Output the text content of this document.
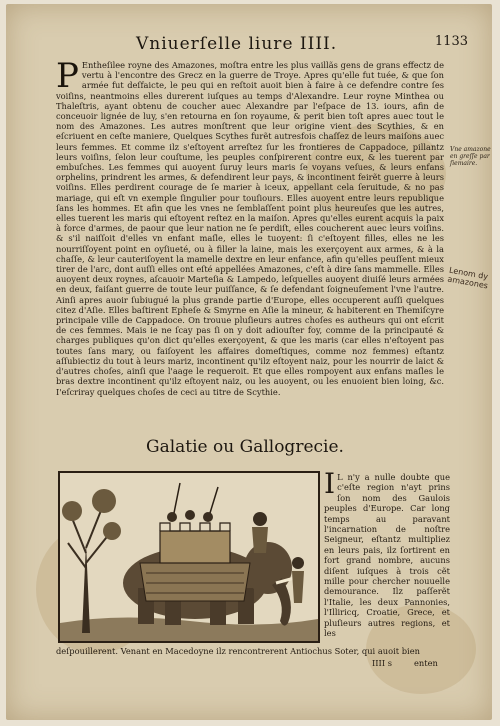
Vniuerſelle liure IIII.	1133
P Entheſilee royne des Amazones, moſtra entre les plus vaillãs gens de grans effectz de vertu à l'encontre des Grecz en la guerre de Troye. Apres qu'elle fut tuée, & que ſon armée fut deſfaicte, le peu qui en reſtoit auoit bien à faire à ce defendre contre ſes voiſins, neantmoins elles durerent iuſques au temps d'Alexandre. Leur royne Minthea ou Thaleſtris, ayant obtenu de coucher auec Alexandre par l'eſpace de 13. iours, afin de conceuoir lignée de luy, s'en retourna en ſon royaume, & perit bien toſt apres auec tout le nom des Amazones. Les autres monſtrent que leur origine vient des Scythies, & en eſcriuent en ceſte maniere, Quelques Scythes furẽt autresfois chaſſez de leurs maiſons auec leurs femmes. Et comme ilz s'eſtoyent arreſtez ſur les frontieres de Cappadoce, pillantz leurs voiſins, ſelon leur couſtume, les peuples conſpirerent contre eux, & les tuerent par embuſches. Les femmes qui auoyent ſuruy leurs maris ſe voyans veſues, & leurs enfans orphelins, prindrent les armes, & defendirent leur pays, & incontinent feirẽt guerre à leurs voiſins. Elles perdirent courage de ſe marier à iceux, appellant cela ſeruitude, & no pas mariage, qui eſt vn exemple ſingulier pour touſiours. Elles auoyent entre leurs republique ſans les hommes. Et afin que les vnes ne ſemblaſſent point plus heureuſes que les autres, elles tuerent les maris qui eſtoyent reſtez en la maiſon. Apres qu'elles eurent acquis la paix à force d'armes, de paour que leur nation ne ſe perdiſt, elles coucherent auec leurs voiſins. & s'il naiſſoit d'elles vn enfant maſle, elles le tuoyent: ſi c'eſtoyent filles, elles ne les nourriſſoyent point en oyſiueté, ou à filler la laine, mais les exerçoyent aux armes, & à la chaſſe, & leur cauteriſoyent la mamelle dextre en leur enfance, afin qu'elles peuſſent mieux tirer de l'arc, dont auſſi elles ont eſté appellées Amazones, c'eſt à dire ſans mammelle. Elles auoyent deux roynes, aſcauoir Marteſia & Lampedo, leſquelles auoyent diuiſé leurs armées en deux, faiſant guerre de toute leur puiſſance, & ſe defendant ſoigneuſement l'vne l'autre. Ainſi apres auoir ſubiugué la plus grande partie d'Europe, elles occuperent auſſi quelques citez d'Aſie. Elles baſtirent Epheſe & Smyrne en Aſie la mineur, & habiterent en Themiſcyre principale ville de Cappadoce. On trouue pluſieurs autres choſes es autheurs qui ont eſcrit de ces femmes. Mais ie ne ſcay pas ſi on y doit adiouſter foy, comme de la principauté & charges publiques qu'on dict qu'elles exerçoyent, & que les maris (car elles n'eſtoyent pas toutes ſans mary, ou faiſoyent les affaires domeſtiques, comme noz femmes) eſtantz aſſubiectiz du tout à leurs mariz, incontinent qu'ilz eſtoyent naiz, pour les nourrir de laict & d'autres choſes, ainſi que l'aage le requeroit. Et que elles rompoyent aux enfans maſles le bras dextre incontinent qu'ilz eſtoyent naiz, ou les auoyent, ou les enuoient bien loing, &c. I'eſcriray quelques choſes de ceci au titre de Scythie.
Vne amazone en greſſe par ſiemaire.
Lenom dy amazones
Galatie ou Gallogrecie.
I L n'y a nulle doubte que c'eſte region n'ayt prins ſon nom des Gaulois peuples d'Europe. Car long temps au paravant l'incarnation de noſtre Seigneur, eſtantz multipliez en leurs pais, ilz ſortirent en fort grand nombre, aucuns diſent iuſques à trois cẽt mille pour chercher nouuelle demourance. Ilz paſſerẽt l'Italie, les deux Pannonies, l'Illiricq, Croatie, Grece, et pluſieurs autres regions, et les
deſpouillerent. Venant en Macedoyne ilz rencontrerent Antiochus Soter, qui auoit bien
IIII s	enten
